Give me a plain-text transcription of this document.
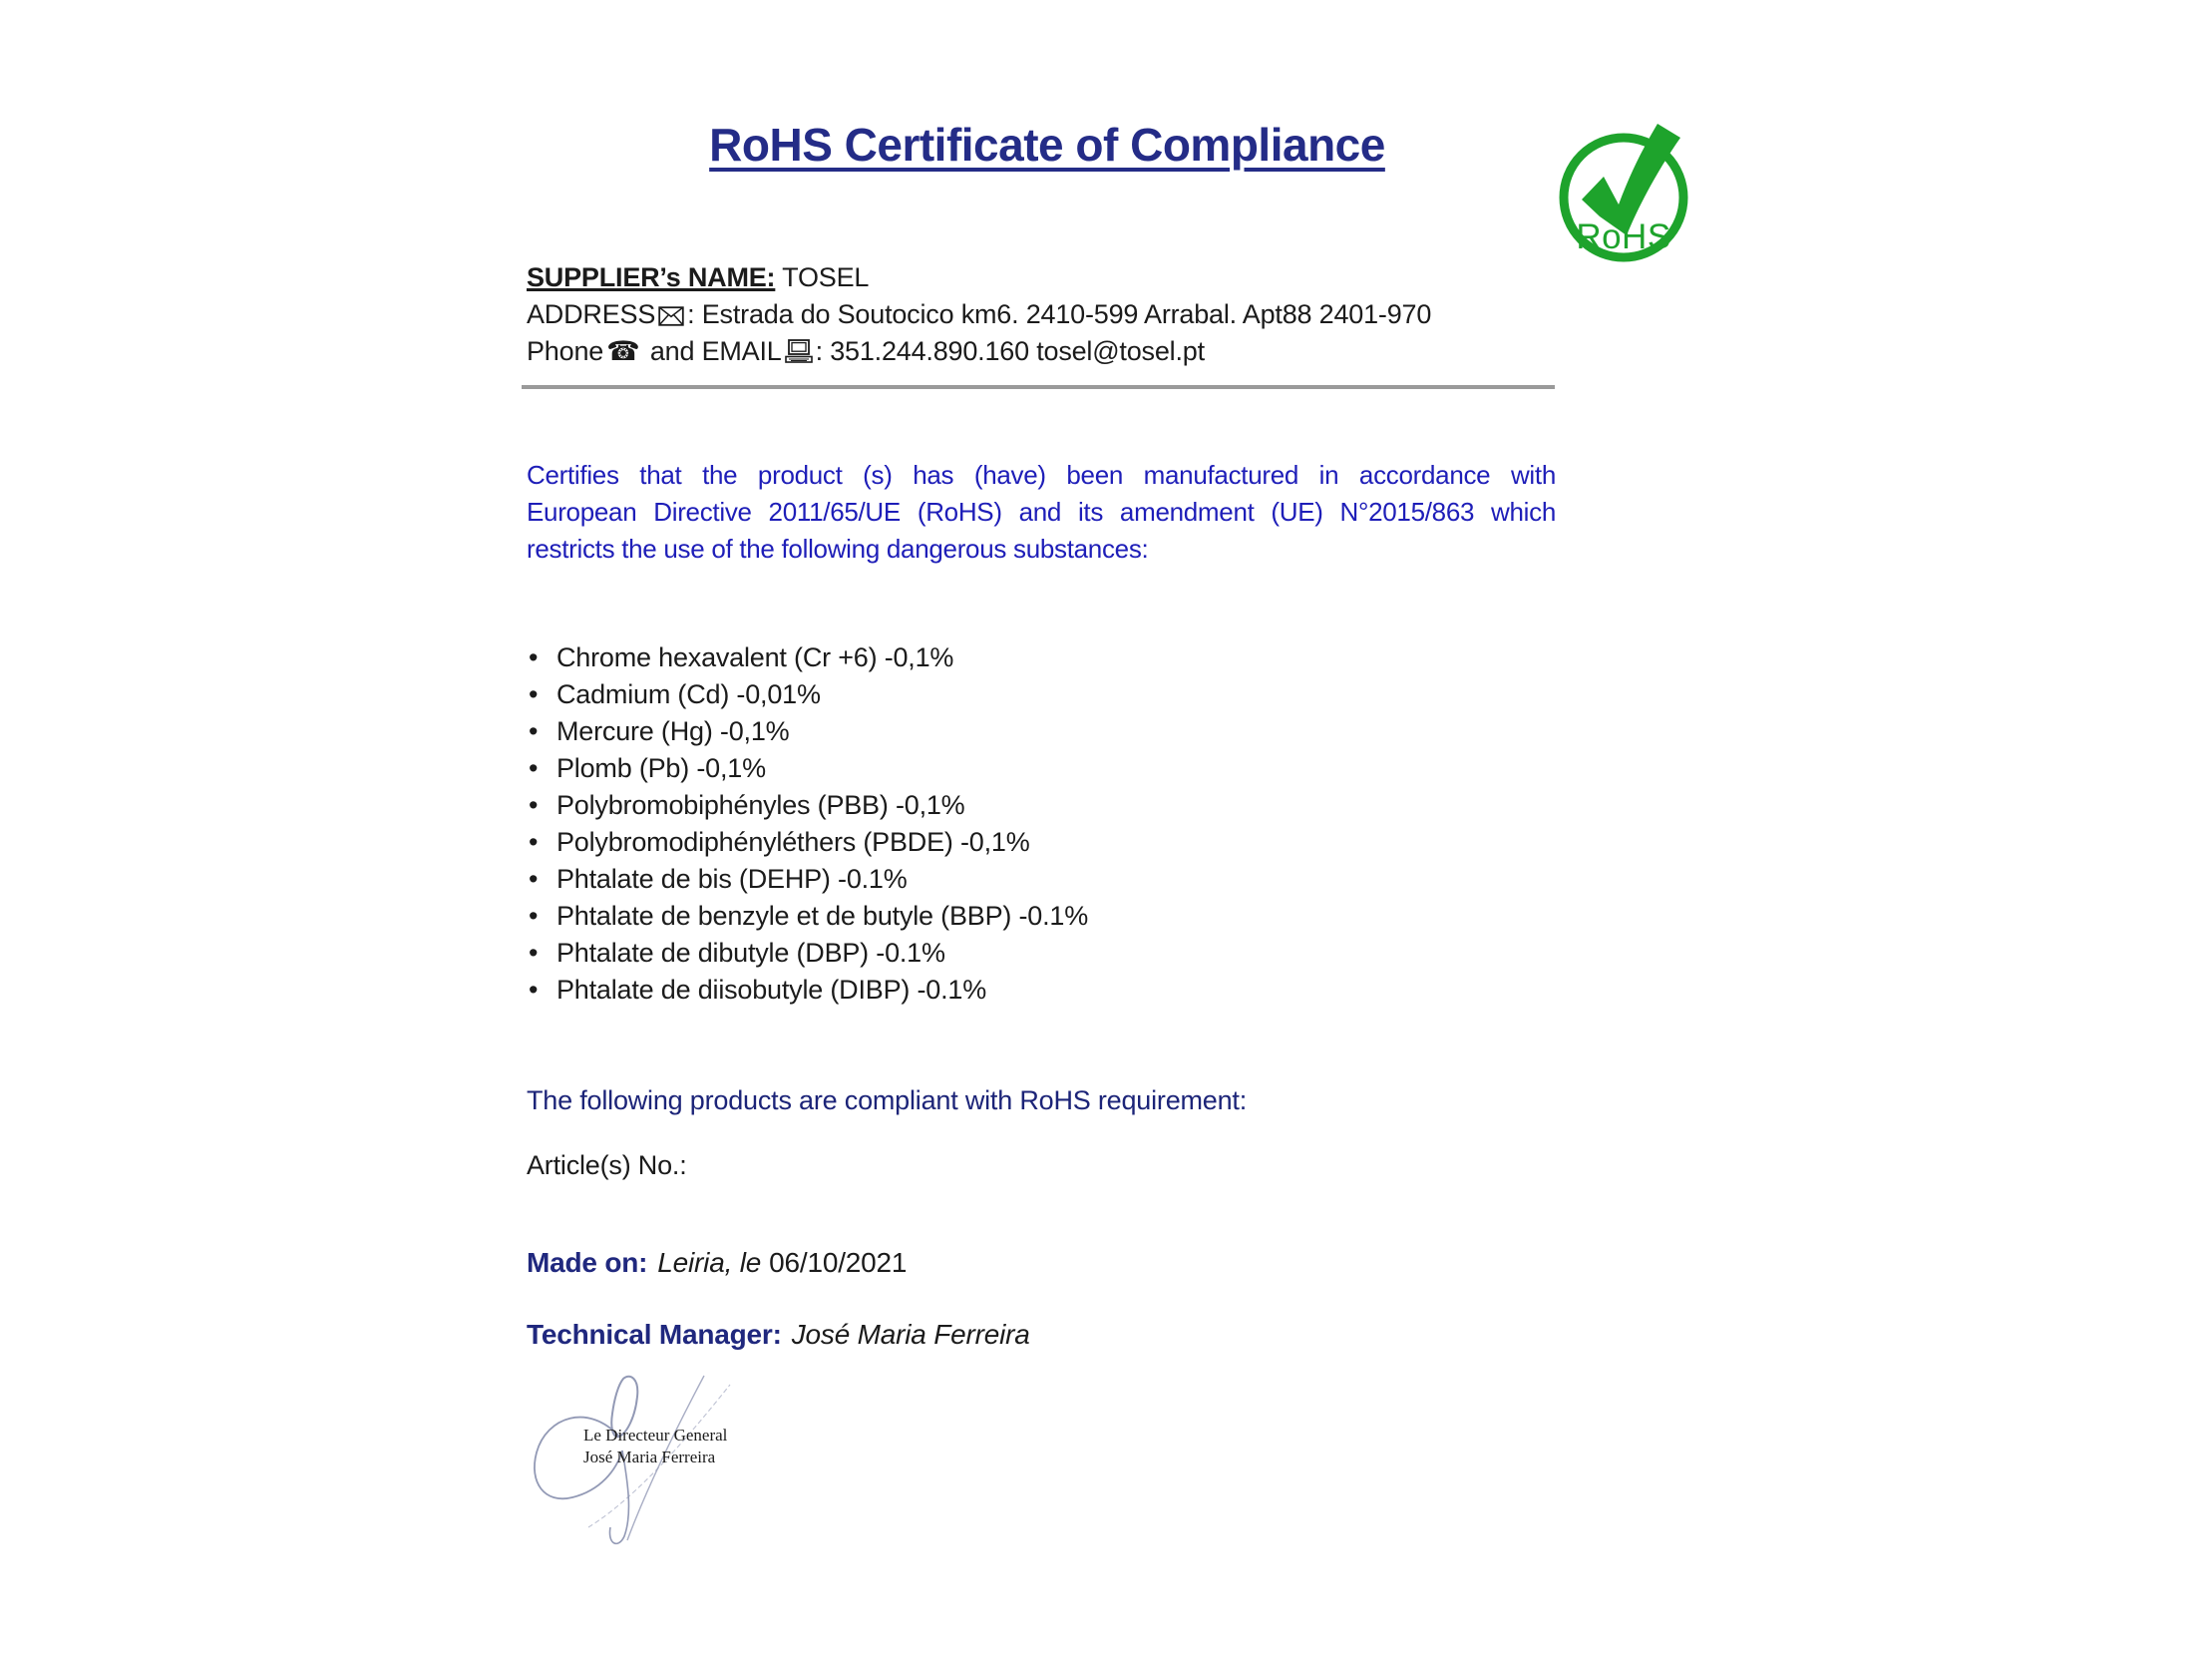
RoHS Certificate of Compliance
RoHS
SUPPLIER’s NAME: TOSEL
ADDRESS : Estrada do Soutocico km6. 2410-599 Arrabal. Apt88 2401-970
Phone ☎ and EMAIL : 351.244.890.160 tosel@tosel.pt
Certifies that the product (s) has (have) been manufactured in accordance with
European Directive 2011/65/UE (RoHS) and its amendment (UE) N°2015/863 which
restricts the use of the following dangerous substances:
• Chrome hexavalent (Cr +6) -0,1%
• Cadmium (Cd) -0,01%
• Mercure (Hg) -0,1%
• Plomb (Pb) -0,1%
• Polybromobiphényles (PBB) -0,1%
• Polybromodiphényléthers (PBDE) -0,1%
• Phtalate de bis (DEHP) -0.1%
• Phtalate de benzyle et de butyle (BBP) -0.1%
• Phtalate de dibutyle (DBP) -0.1%
• Phtalate de diisobutyle (DIBP) -0.1%
The following products are compliant with RoHS requirement:
Article(s) No.:
Made on: Leiria, le 06/10/2021
Technical Manager: José Maria Ferreira
Le Directeur General
José Maria Ferreira
